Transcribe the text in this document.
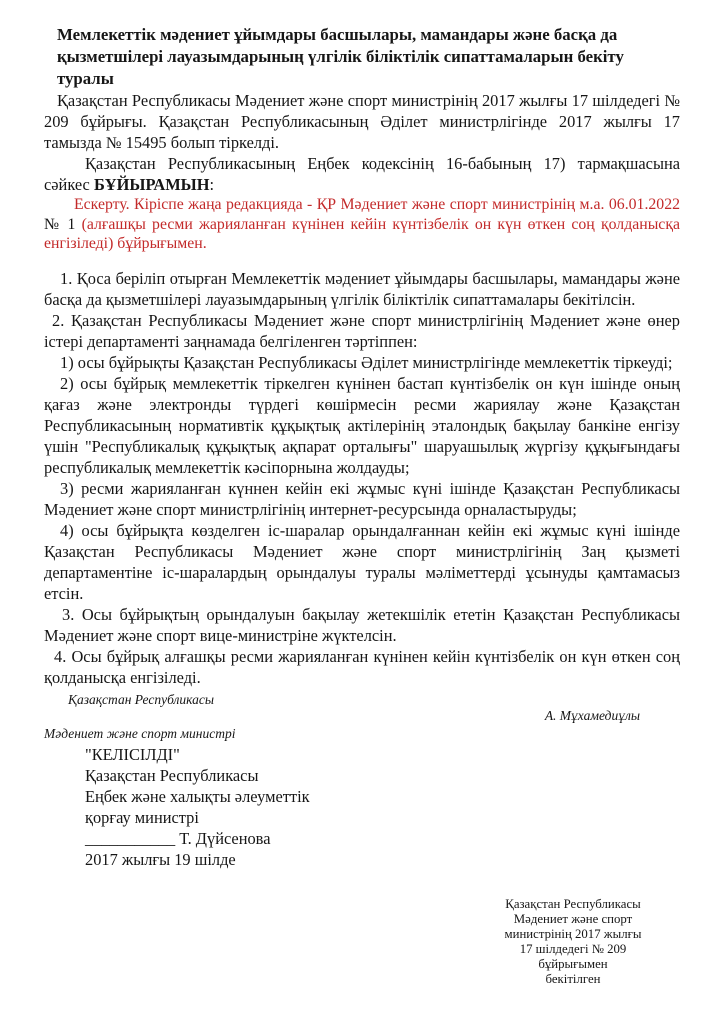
Мемлекеттік мәдениет ұйымдары басшылары, мамандары және басқа да қызметшілері лауазымдарының үлгілік біліктілік сипаттамаларын бекіту туралы

Қазақстан Республикасы Мәдениет және спорт министрінің 2017 жылғы 17 шілдедегі № 209 бұйрығы. Қазақстан Республикасының Әділет министрлігінде 2017 жылғы 17 тамызда № 15495 болып тіркелді.

Қазақстан Республикасының Еңбек кодексінің 16-бабының 17) тармақшасына сәйкес БҰЙЫРАМЫН:

Ескерту. Кіріспе жаңа редакцияда - ҚР Мәдениет және спорт министрінің м.а. 06.01.2022 № 1 (алғашқы ресми жарияланған күнінен кейін күнтізбелік он күн өткен соң қолданысқа енгізіледі) бұйрығымен.

1. Қоса беріліп отырған Мемлекеттік мәдениет ұйымдары басшылары, мамандары және басқа да қызметшілері лауазымдарының үлгілік біліктілік сипаттамалары бекітілсін.

2. Қазақстан Республикасы Мәдениет және спорт министрлігінің Мәдениет және өнер істері департаменті заңнамада белгіленген тәртіппен:

1) осы бұйрықты Қазақстан Республикасы Әділет министрлігінде мемлекеттік тіркеуді;

2) осы бұйрық мемлекеттік тіркелген күнінен бастап күнтізбелік он күн ішінде оның қағаз және электронды түрдегі көшірмесін ресми жариялау және Қазақстан Республикасының нормативтік құқықтық актілерінің эталондық бақылау банкіне енгізу үшін "Республикалық құқықтық ақпарат орталығы" шаруашылық жүргізу құқығындағы республикалық мемлекеттік кәсіпорнына жолдауды;

3) ресми жарияланған күннен кейін екі жұмыс күні ішінде Қазақстан Республикасы Мәдениет және спорт министрлігінің интернет-ресурсында орналастыруды;

4) осы бұйрықта көзделген іс-шаралар орындалғаннан кейін екі жұмыс күні ішінде Қазақстан Республикасы Мәдениет және спорт министрлігінің Заң қызметі департаментіне іс-шаралардың орындалуы туралы мәліметтерді ұсынуды қамтамасыз етсін.

3. Осы бұйрықтың орындалуын бақылау жетекшілік ететін Қазақстан Республикасы Мәдениет және спорт вице-министріне жүктелсін.

4. Осы бұйрық алғашқы ресми жарияланған күнінен кейін күнтізбелік он күн өткен соң қолданысқа енгізіледі.

Қазақстан Республикасы
А. Мұхамедиұлы
Мәдениет және спорт министрі
"КЕЛІСІЛДІ"
Қазақстан Республикасы
Еңбек және халықты әлеуметтік
қорғау министрі
___________ Т. Дүйсенова
2017 жылғы 19 шілде
Қазақстан Республикасы
Мәдениет және спорт
министрінің 2017 жылғы
17 шілдедегі № 209
бұйрығымен
бекітілген
